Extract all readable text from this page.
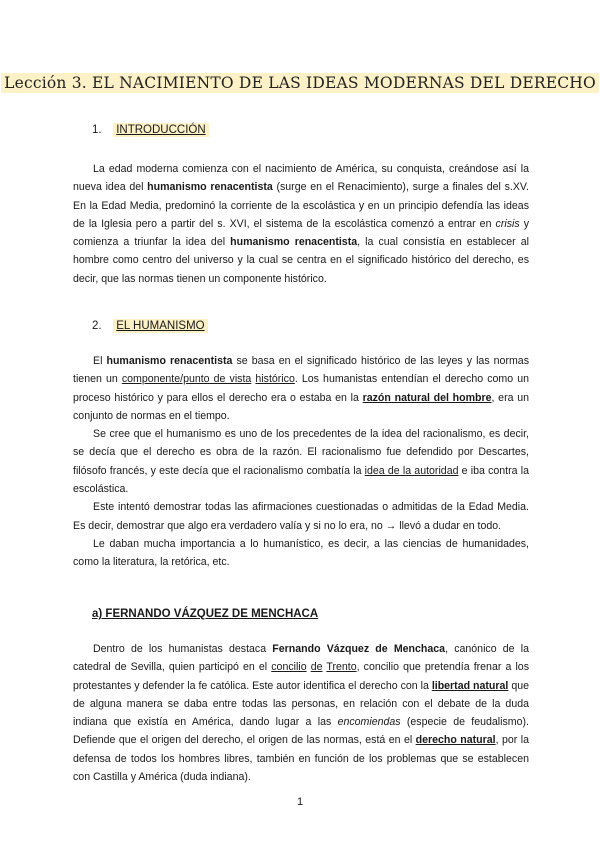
Lección 3. EL NACIMIENTO DE LAS IDEAS MODERNAS DEL DERECHO
1. INTRODUCCIÓN

La edad moderna comienza con el nacimiento de América, su conquista, creándose así la nueva idea del humanismo renacentista (surge en el Renacimiento), surge a finales del s.XV. En la Edad Media, predominó la corriente de la escolástica y en un principio defendía las ideas de la Iglesia pero a partir del s. XVI, el sistema de la escolástica comenzó a entrar en crisis y comienza a triunfar la idea del humanismo renacentista, la cual consistía en establecer al hombre como centro del universo y la cual se centra en el significado histórico del derecho, es decir, que las normas tienen un componente histórico.

2. EL HUMANISMO

El humanismo renacentista se basa en el significado histórico de las leyes y las normas tienen un componente/punto de vista histórico. Los humanistas entendían el derecho como un proceso histórico y para ellos el derecho era o estaba en la razón natural del hombre, era un conjunto de normas en el tiempo.

Se cree que el humanismo es uno de los precedentes de la idea del racionalismo, es decir, se decía que el derecho es obra de la razón. El racionalismo fue defendido por Descartes, filósofo francés, y este decía que el racionalismo combatía la idea de la autoridad e iba contra la escolástica.

Este intentó demostrar todas las afirmaciones cuestionadas o admitidas de la Edad Media. Es decir, demostrar que algo era verdadero valía y si no lo era, no → llevó a dudar en todo.

Le daban mucha importancia a lo humanístico, es decir, a las ciencias de humanidades, como la literatura, la retórica, etc.

a) FERNANDO VÁZQUEZ DE MENCHACA

Dentro de los humanistas destaca Fernando Vázquez de Menchaca, canónico de la catedral de Sevilla, quien participó en el concilio de Trento, concilio que pretendía frenar a los protestantes y defender la fe católica. Este autor identifica el derecho con la libertad natural que de alguna manera se daba entre todas las personas, en relación con el debate de la duda indiana que existía en América, dando lugar a las encomiendas (especie de feudalismo). Defiende que el origen del derecho, el origen de las normas, está en el derecho natural, por la defensa de todos los hombres libres, también en función de los problemas que se establecen con Castilla y América (duda indiana).

1
